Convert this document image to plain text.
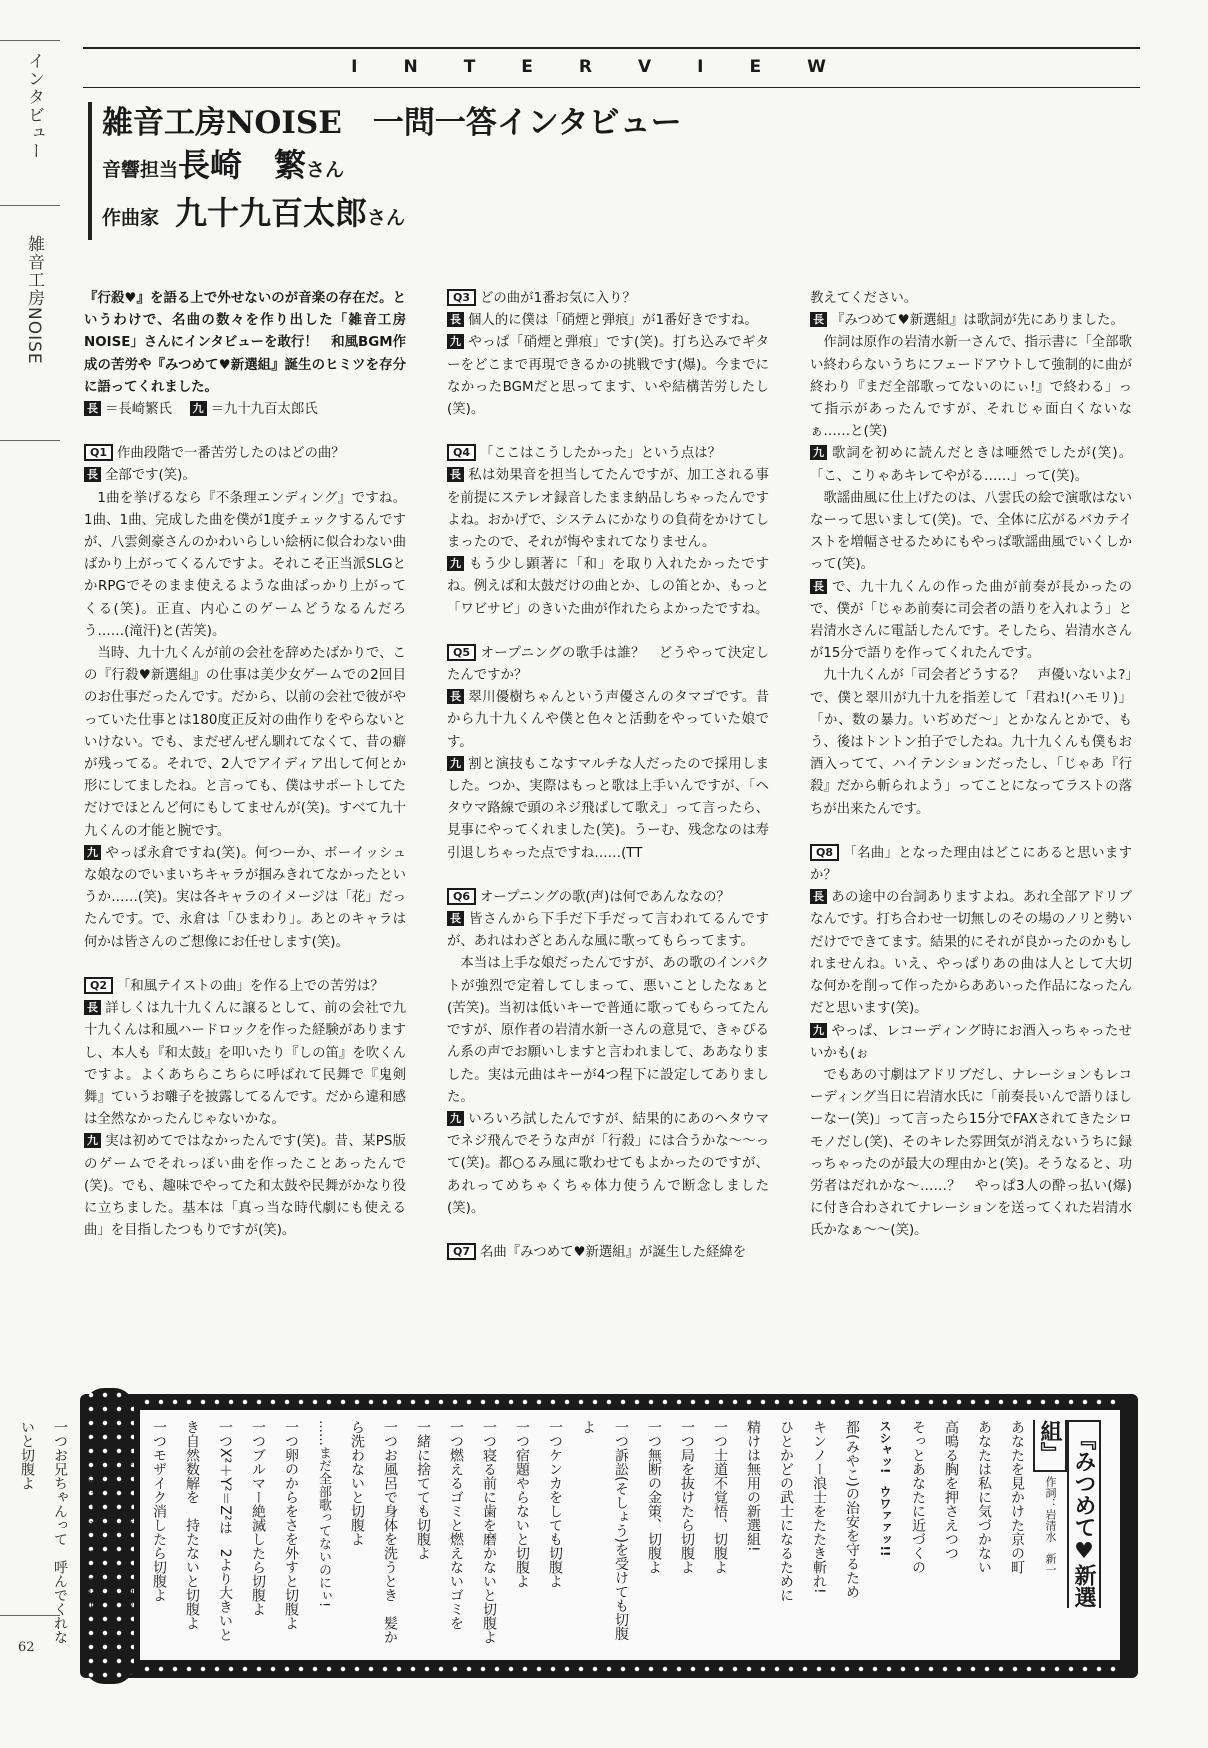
インタビュー
雑音工房NOISE
62
INTERVIEW
雑音工房NOISE　一問一答インタビュー
音響担当長崎　繁さん
作曲家　 九十九百太郎さん

『行殺♥』を語る上で外せないのが音楽の存在だ。というわけで、名曲の数々を作り出した「雑音工房NOISE」さんにインタビューを敢行！　和風BGM作成の苦労や『みつめて♥新選組』誕生のヒミツを存分に語ってくれました。

長 ＝長崎繁氏　 九 ＝九十九百太郎氏

Q1 作曲段階で一番苦労したのはどの曲？

長 全部です(笑)。

1曲を挙げるなら『不条理エンディング』ですね。1曲、1曲、完成した曲を僕が1度チェックするんですが、八雲剣豪さんのかわいらしい絵柄に似合わない曲ばかり上がってくるんですよ。それこそ正当派SLGとかRPGでそのまま使えるような曲ばっかり上がってくる(笑)。正直、内心このゲームどうなるんだろう……(滝汗)と(苦笑)。

当時、九十九くんが前の会社を辞めたばかりで、この『行殺♥新選組』の仕事は美少女ゲームでの2回目のお仕事だったんです。だから、以前の会社で彼がやっていた仕事とは180度正反対の曲作りをやらないといけない。でも、まだぜんぜん馴れてなくて、昔の癖が残ってる。それで、2人でアイディア出して何とか形にしてましたね。と言っても、僕はサポートしてただけでほとんど何にもしてませんが(笑)。すべて九十九くんの才能と腕です。

九 やっぱ永倉ですね(笑)。何つーか、ボーイッシュな娘なのでいまいちキャラが掴みきれてなかったというか……(笑)。実は各キャラのイメージは「花」だったんです。で、永倉は「ひまわり」。あとのキャラは何かは皆さんのご想像にお任せします(笑)。

Q2 「和風テイストの曲」を作る上での苦労は？

長 詳しくは九十九くんに譲るとして、前の会社で九十九くんは和風ハードロックを作った経験がありますし、本人も『和太鼓』を叩いたり『しの笛』を吹くんですよ。よくあちらこちらに呼ばれて民舞で『鬼剣舞』ていうお囃子を披露してるんです。だから違和感は全然なかったんじゃないかな。

九 実は初めてではなかったんです(笑)。昔、某PS版のゲームでそれっぽい曲を作ったことあったんで(笑)。でも、趣味でやってた和太鼓や民舞がかなり役に立ちました。基本は「真っ当な時代劇にも使える曲」を目指したつもりですが(笑)。

Q3 どの曲が1番お気に入り？

長 個人的に僕は「硝煙と弾痕」が1番好きですね。

九 やっぱ「硝煙と弾痕」です(笑)。打ち込みでギターをどこまで再現できるかの挑戦です(爆)。今までになかったBGMだと思ってます、いや結構苦労したし(笑)。

Q4 「ここはこうしたかった」という点は？

長 私は効果音を担当してたんですが、加工される事を前提にステレオ録音したまま納品しちゃったんですよね。おかげで、システムにかなりの負荷をかけてしまったので、それが悔やまれてなりません。

九 もう少し顕著に「和」を取り入れたかったですね。例えば和太鼓だけの曲とか、しの笛とか、もっと「ワビサビ」のきいた曲が作れたらよかったですね。

Q5 オープニングの歌手は誰？　どうやって決定したんですか？

長 翠川優樹ちゃんという声優さんのタマゴです。昔から九十九くんや僕と色々と活動をやっていた娘です。

九 割と演技もこなすマルチな人だったので採用しました。つか、実際はもっと歌は上手いんですが、「ヘタウマ路線で頭のネジ飛ばして歌え」って言ったら、見事にやってくれました(笑)。うーむ、残念なのは寿引退しちゃった点ですね……(TT

Q6 オープニングの歌(声)は何であんななの？

長 皆さんから下手だ下手だって言われてるんですが、あれはわざとあんな風に歌ってもらってます。

本当は上手な娘だったんですが、あの歌のインパクトが強烈で定着してしまって、悪いことしたなぁと(苦笑)。当初は低いキーで普通に歌ってもらってたんですが、原作者の岩清水新一さんの意見で、きゃぴるん系の声でお願いしますと言われまして、ああなりました。実は元曲はキーが4つ程下に設定してありました。

九 いろいろ試したんですが、結果的にあのヘタウマでネジ飛んでそうな声が「行殺」には合うかな〜〜って(笑)。都○るみ風に歌わせてもよかったのですが、あれってめちゃくちゃ体力使うんで断念しました(笑)。

Q7 名曲『みつめて♥新選組』が誕生した経緯を

教えてください。

長 『みつめて♥新選組』は歌詞が先にありました。

作詞は原作の岩清水新一さんで、指示書に「全部歌い終わらないうちにフェードアウトして強制的に曲が終わり『まだ全部歌ってないのにぃ!』で終わる」って指示があったんですが、それじゃ面白くないなぁ……と(笑)

九 歌詞を初めに読んだときは唖然でしたが(笑)。「こ、こりゃあキレてやがる……」って(笑)。

歌謡曲風に仕上げたのは、八雲氏の絵で演歌はないなーって思いまして(笑)。で、全体に広がるバカテイストを増幅させるためにもやっぱ歌謡曲風でいくしかって(笑)。

長 で、九十九くんの作った曲が前奏が長かったので、僕が「じゃあ前奏に司会者の語りを入れよう」と岩清水さんに電話したんです。そしたら、岩清水さんが15分で語りを作ってくれたんです。

九十九くんが「司会者どうする？　声優いないよ?」で、僕と翠川が九十九を指差して「君ね!(ハモリ)」「か、数の暴力。いぢめだ〜」とかなんとかで、もう、後はトントン拍子でしたね。九十九くんも僕もお酒入ってて、ハイテンションだったし、「じゃあ『行殺』だから斬られよう」ってことになってラストの落ちが出来たんです。

Q8 「名曲」となった理由はどこにあると思いますか？

長 あの途中の台詞ありますよね。あれ全部アドリブなんです。打ち合わせ一切無しのその場のノリと勢いだけでできてます。結果的にそれが良かったのかもしれませんね。いえ、やっぱりあの曲は人として大切な何かを削って作ったからああいった作品になったんだと思います(笑)。

九 やっぱ、レコーディング時にお酒入っちゃったせいかも(ぉ

でもあの寸劇はアドリブだし、ナレーションもレコーディング当日に岩清水氏に「前奏長いんで語りほしーなー(笑)」って言ったら15分でFAXされてきたシロモノだし(笑)、そのキレた雰囲気が消えないうちに録っちゃったのが最大の理由かと(笑)。そうなると、功労者はだれかな〜……？　やっぱ3人の酔っ払い(爆)に付き合わされてナレーションを送ってくれた岩清水氏かなぁ〜〜(笑)。

『みつめて♥新選組』 作詞：岩清水　新一

あなたを見かけた京の町

あなたは私に気づかない

高鳴る胸を押さえつつ

そっとあなたに近づくの

スシャッ!　ウワァァッ!!

都(みやこ)の治安を守るため

キンノー浪士をたたき斬れ!

ひとかどの武士になるために

精けは無用の新選組!

一つ士道不覚悟、切腹よ

一つ局を抜けたら切腹よ

一つ無断の金策、切腹よ

一つ訴訟(そしょう)を受けても切腹よ

一つケンカをしても切腹よ

一つ宿題やらないと切腹よ

一つ寝る前に歯を磨かないと切腹よ

一つ燃えるゴミと燃えないゴミを　一緒に捨てても切腹よ

一つお風呂で身体を洗うとき　髪から洗わないと切腹よ

……まだ全部歌ってないのにぃ!

一つ卵のからをさを外すと切腹よ

一つブルマー絶滅したら切腹よ

一つX²＋Y²＝Z²は　2より大きいとき自然数解を　持たないと切腹よ

一つモザイク消したら切腹よ

一つ二階から目薬さしたら切腹よ

一つパップラドンカルメで切腹よ

一つお兄ちゃんって　呼んでくれないと切腹よ
